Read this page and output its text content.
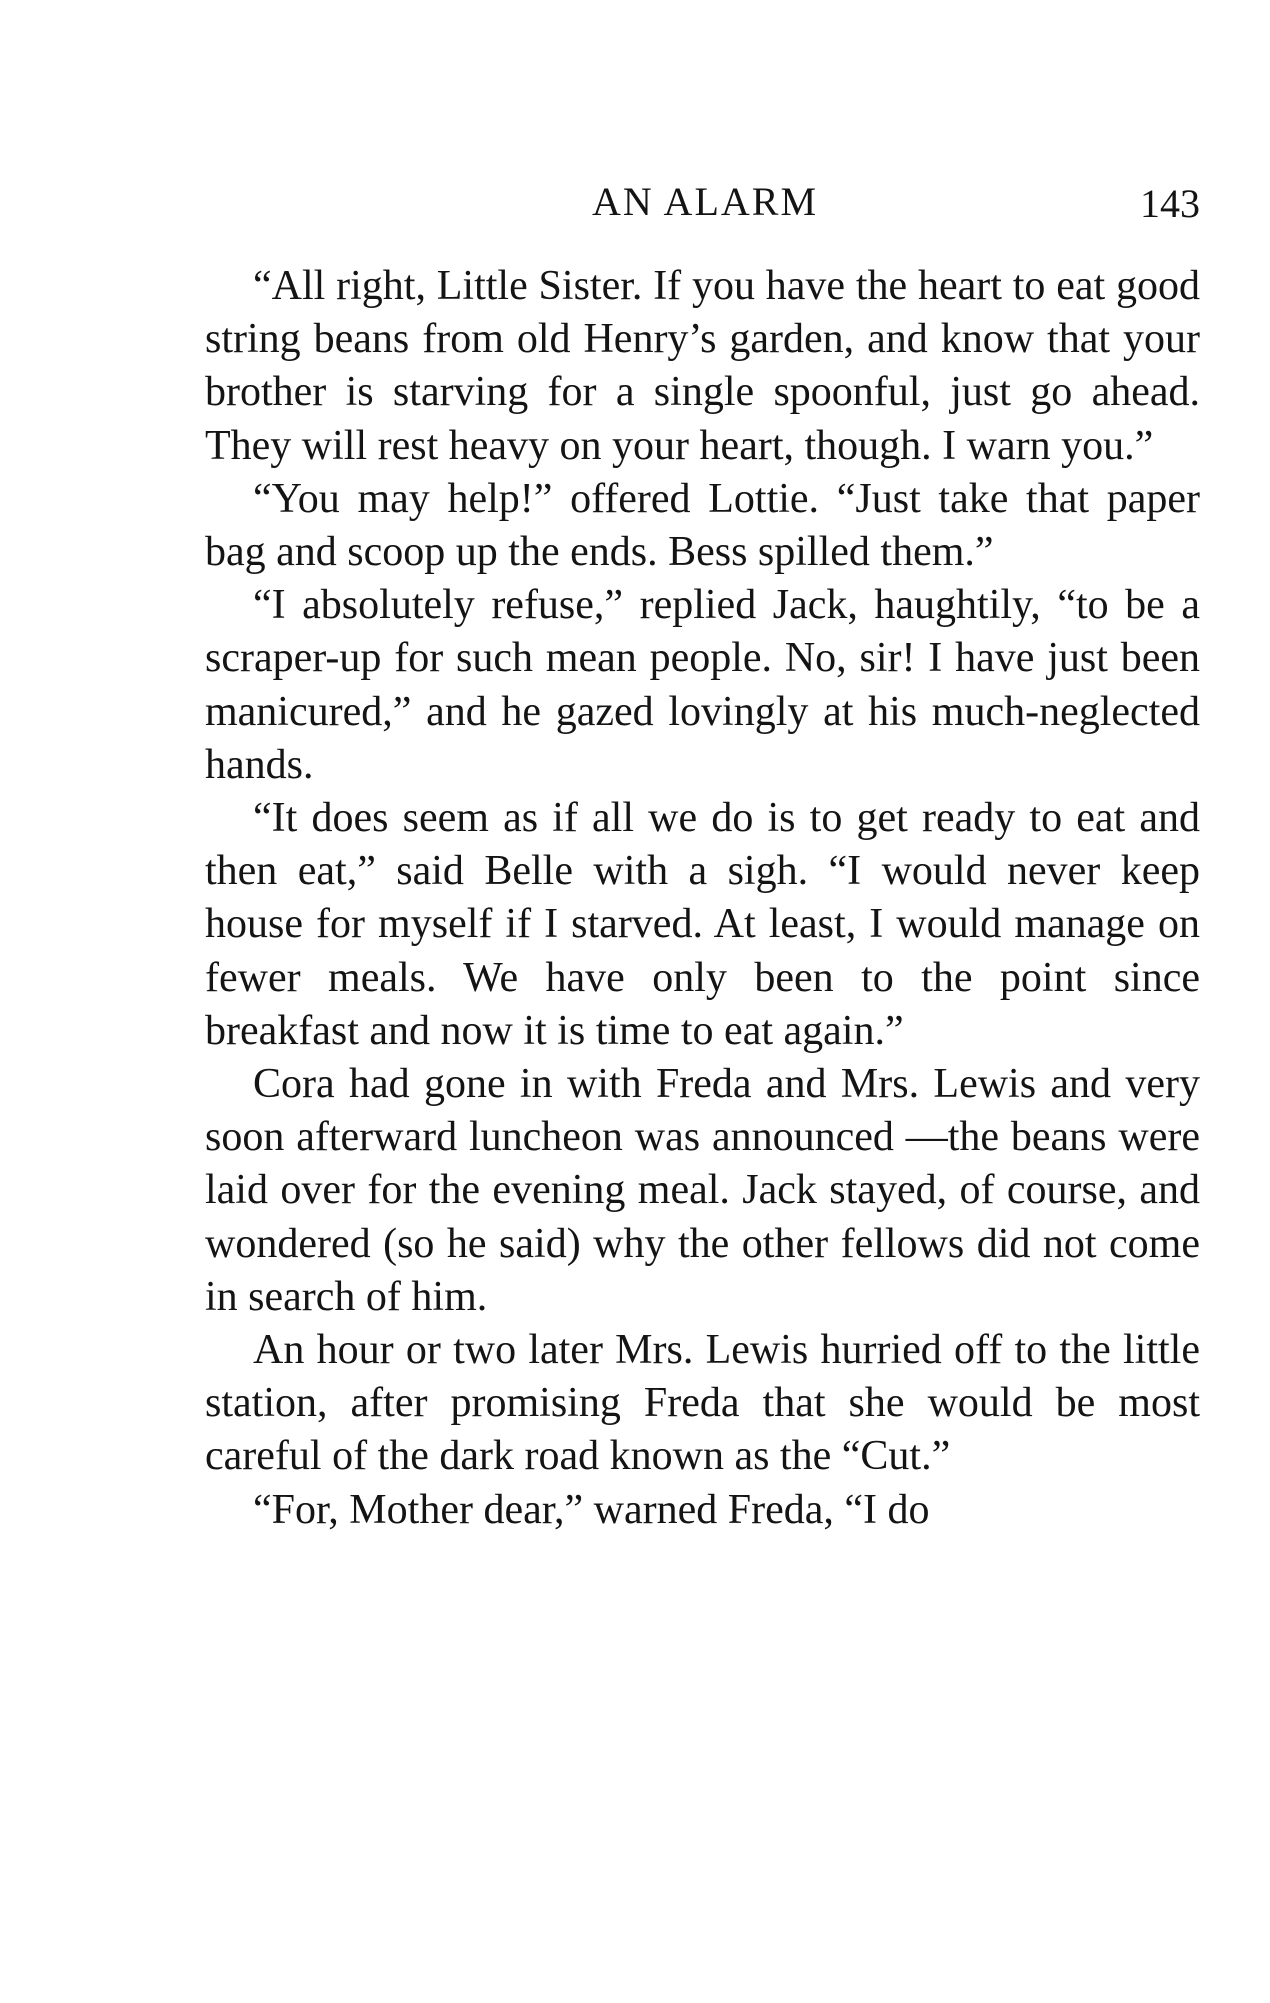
AN ALARM	143

“All right, Little Sister. If you have the heart to eat good string beans from old Henry’s garden, and know that your brother is starving for a single spoonful, just go ahead. They will rest heavy on your heart, though. I warn you.”

“You may help!” offered Lottie. “Just take that paper bag and scoop up the ends. Bess spilled them.”

“I absolutely refuse,” replied Jack, haughtily, “to be a scraper-up for such mean people. No, sir! I have just been manicured,” and he gazed lovingly at his much-neglected hands.

“It does seem as if all we do is to get ready to eat and then eat,” said Belle with a sigh. “I would never keep house for myself if I starved. At least, I would manage on fewer meals. We have only been to the point since breakfast and now it is time to eat again.”

Cora had gone in with Freda and Mrs. Lewis and very soon afterward luncheon was announced —the beans were laid over for the evening meal. Jack stayed, of course, and wondered (so he said) why the other fellows did not come in search of him.

An hour or two later Mrs. Lewis hurried off to the little station, after promising Freda that she would be most careful of the dark road known as the “Cut.”

“For, Mother dear,” warned Freda, “I do
